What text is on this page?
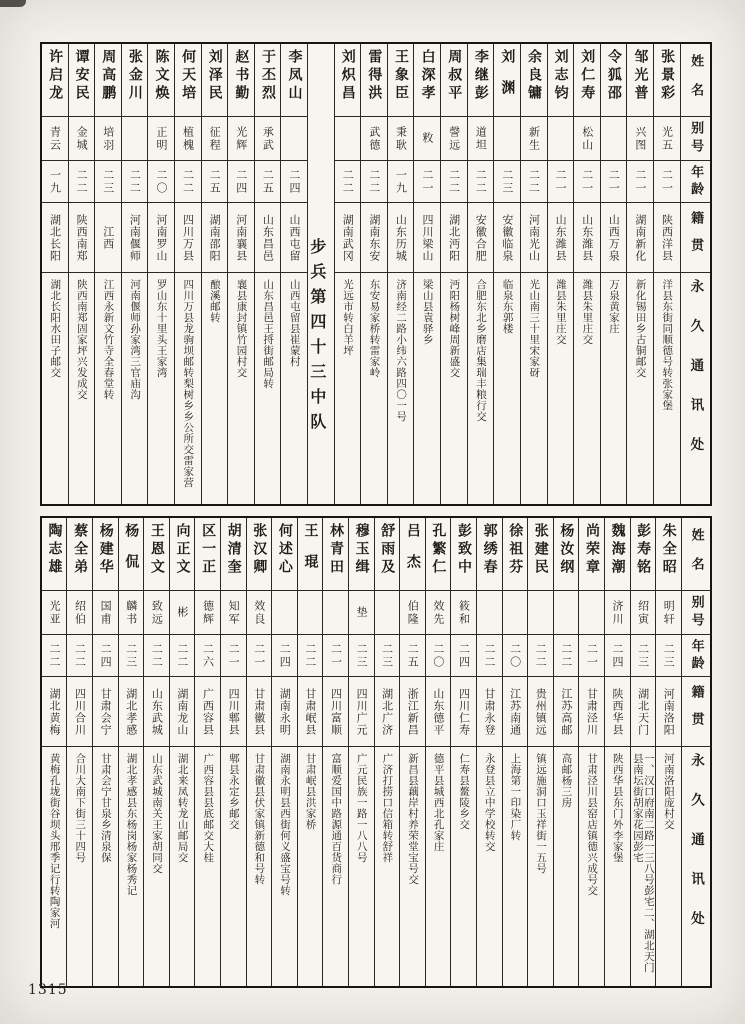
姓名
别号
年龄
籍贯
永久通讯处
张景彩
光五
二一
陕西洋县
洋县东街同顺德号转张家堡
邹光普
兴图
二一
湖南新化
新化锡田乡古铜邮交
令狐邵
二一
山西万泉
万泉黄家庄
刘仁寿
松山
二一
山东潍县
潍县朱里庄交
刘志钧
二一
山东潍县
潍县朱里庄交
余良镛
新生
二二
河南光山
光山南三十里宋家砑
刘渊
二三
安徽临泉
临泉东郭楼
李继彭
道坦
二二
安徽合肥
合肥东北乡磨店集瑞丰粮行交
周叔平
謦远
二二
湖北沔阳
沔阳杨树峰周新盛交
白深孝
敉
二一
四川梁山
梁山县袁驿乡
王象臣
秉耿
一九
山东历城
济南经二路小纬六路四〇一号
雷得洪
武德
二二
湖南东安
东安易家桥转雷家岭
刘炽昌
二二
湖南武冈
光远市转白羊坪
步兵第四十三中队
李凤山
二四
山西屯留
山西屯留县崔蒙村
于丕烈
承武
二五
山东昌邑
山东昌邑王捋街邮局转
赵书勤
光辉
二四
河南襄县
襄县康封镇竹园村交
刘泽民
征程
二五
湖南邵阳
酿溪邮转
何天培
植槐
二二
四川万县
四川万县龙驹坝邮转梨树乡乡公所交雷家营
陈文焕
正明
二〇
河南罗山
罗山东十里头王家湾
张金川
二二
河南偃师
河南偃师孙家湾三官庙沟
周高鹏
培羽
二三
江西
江西永新文竹寺全春堂转
谭安民
金城
二二
陕西南郑
陕西南郑固家坪兴发成交
许启龙
青云
一九
湖北长阳
湖北长阳水田子邮交
姓名
别号
年龄
籍贯
永久通讯处
朱全昭
明轩
二三
河南洛阳
河南洛阳庞村交
彭寿铭
绍寅
二三
湖北天门
一、汉口府南二路一三八号彭宅二、湖北天门县南坛街胡家花园彭宅
魏海潮
济川
二四
陕西华县
陕西华县东门外李家堡
尚荣章
二一
甘肃泾川
甘肃泾川县窑店镇德兴成号交
杨汝纲
二二
江苏高邮
高邮杨三房
张建民
二二
贵州镇远
镇远施洞口玉祥街一五号
徐祖芬
二〇
江苏南通
上海第一印染厂转
郭绣春
二二
甘肃永登
永登县立中学校转交
彭致中
筱和
二四
四川仁寿
仁寿县鳌陵乡交
孔繁仁
效先
二〇
山东德平
德平县城西北孔家庄
吕杰
伯隆
二五
浙江新昌
新昌县藕岸村养荣堂宝号交
舒雨及
二三
湖北广济
广济打捞口信箱转舒祥
穆玉缉
垫
二三
四川广元
广元民族一路一八八号
林青田
二一
四川富顺
富顺爱国中路源通百货商行
王琨
二二
甘肃岷县
甘肃岷县洪家桥
何述心
二四
湖南永明
湖南永明县西街何义盛宝号转
张汉卿
效良
二一
甘肃徽县
甘肃徽县伏家镇新德和号转
胡清奎
知军
二一
四川郫县
郫县永定乡邮交
区一正
德辉
二六
广西容县
广西容县县底邮交大桂
向正文
彬
二二
湖南龙山
湖北来凤转龙山邮局交
王恩文
致远
二二
山东武城
山东武城南关王家胡同交
杨侃
麟书
二三
湖北孝感
湖北孝感县东杨岗杨家杨秀记
杨建华
国甫
二四
甘肃会宁
甘肃会宁甘泉乡清泉保
蔡全弟
绍伯
二二
四川合川
合川大南下街三十四号
陶志雄
光亚
二二
湖北黄梅
黄梅孔垅街谷坝头邢季记行转陶家河
1315
